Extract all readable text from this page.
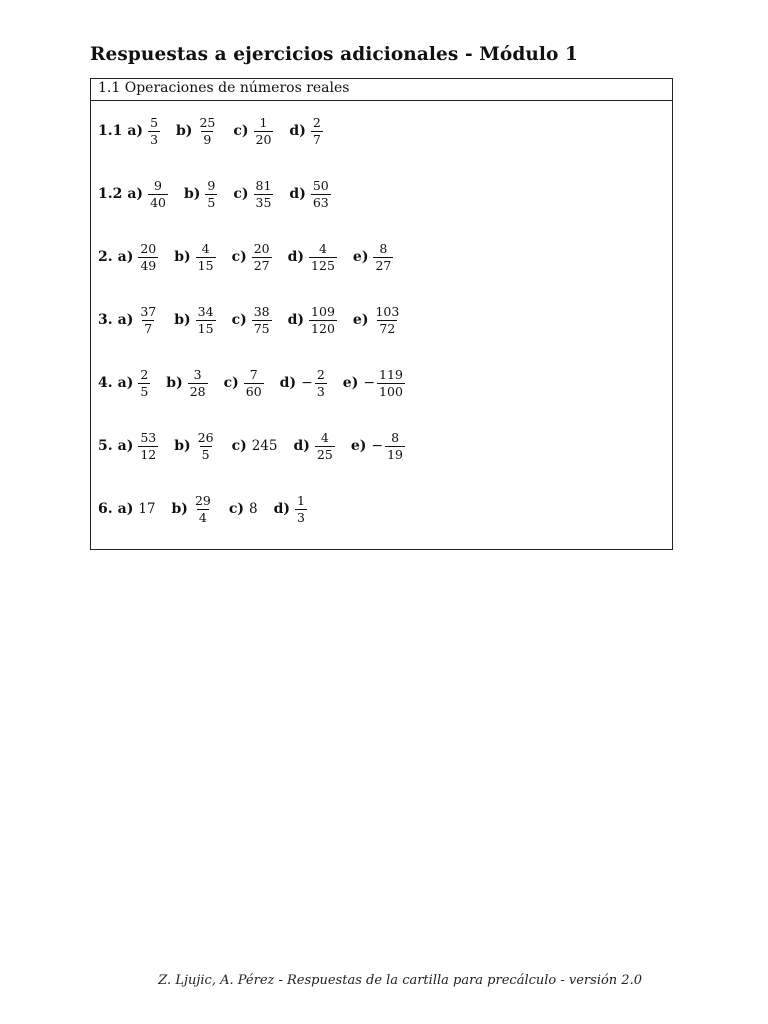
Respuestas a ejercicios adicionales - Módulo 1
1.1 Operaciones de números reales
1.1 $a) \frac{5}{3} b) \frac{25}{9} c) \frac{1}{20} d) \frac{2}{7}$
1.2 $a) \frac{9}{40} b) \frac{9}{5} c) \frac{81}{35} d) \frac{50}{63}$
2. $a) \frac{20}{49} b) \frac{4}{15} c) \frac{20}{27} d) \frac{4}{125} e) \frac{8}{27}$
3. $a) \frac{37}{7} b) \frac{34}{15} c) \frac{38}{75} d) \frac{109}{120} e) \frac{103}{72}$
4. $a) \frac{2}{5} b) \frac{3}{28} c) \frac{7}{60} d) - \frac{2}{3} e) - \frac{119}{100}$
5. $a) \frac{53}{12} b) \frac{26}{5} c$) 245 $d) \frac{4}{25} e) - \frac{8}{19}$
6. a) 17 $b) \frac{29}{4} c$) 8 $d) \frac{1}{3}$
Z. Ljujic, A. Pérez - Respuestas de la cartilla para precálculo - versión 2.0
